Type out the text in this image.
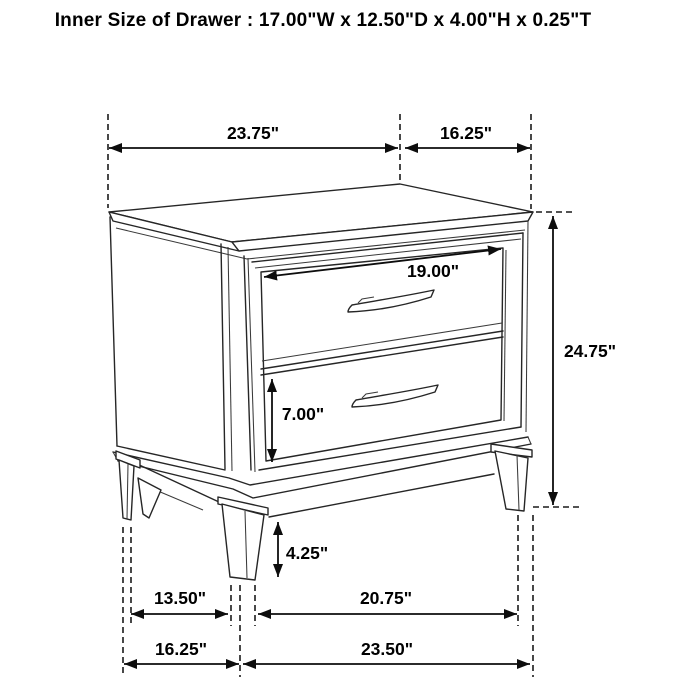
Inner Size of Drawer : 17.00"W x 12.50"D x 4.00"H x 0.25"T
23.75"	16.25"
24.75"
19.00"
7.00"
4.25"
13.50"	20.75"
16.25"	23.50"
